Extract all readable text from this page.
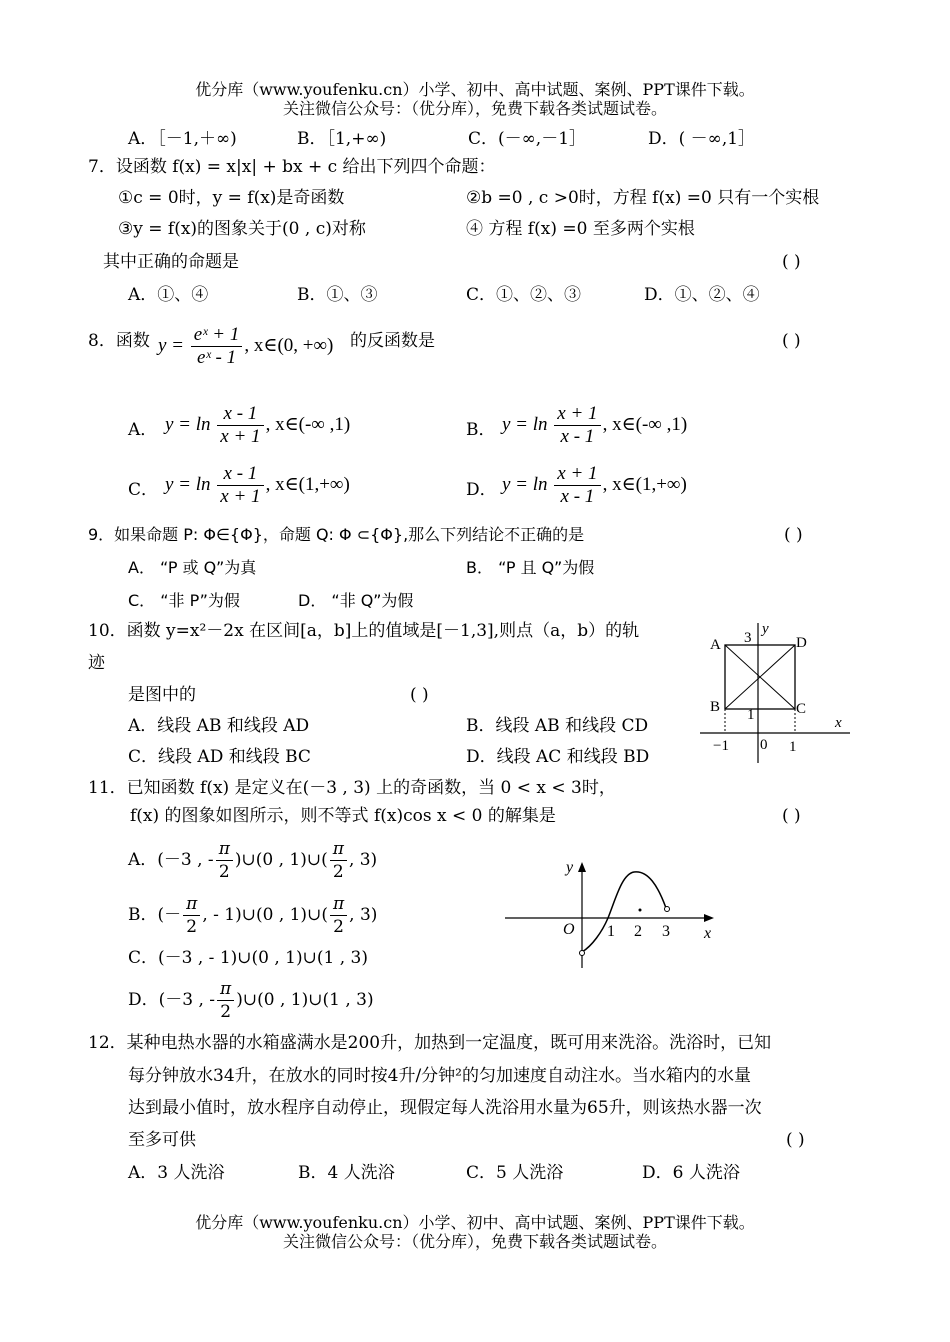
优分库（www.youfenku.cn）小学、初中、高中试题、案例、PPT课件下载。
关注微信公众号：（优分库），免费下载各类试题试卷。
A．［－1,＋∞)	B．［1,+∞)	C．(－∞,－1］	D．( －∞,1］
7．设函数 f(x) = x|x| + bx + c 给出下列四个命题：
①c = 0时，y = f(x)是奇函数	②b =0 , c >0时，方程 f(x) =0 只有一个实根
③y = f(x)的图象关于(0 , c)对称	④ 方程 f(x) =0 至多两个实根
其中正确的命题是	( )
A．①、④	B．①、③	C．①、②、③	D．①、②、④
8．函数 $y = \frac{\text{eˣ + 1}}{\text{eˣ - 1}}$ , x∈(0, +∞) 的反函数是	( )
A． $y = \ln \frac{x - 1}{x + 1}$ , x∈(-∞ ,1)	B． $y = \ln \frac{x + 1}{x - 1}$ , x∈(-∞ ,1)
C． $y = \ln \frac{x - 1}{x + 1}$ , x∈(1,+∞)	D． $y = \ln \frac{x + 1}{x - 1}$ , x∈(1,+∞)
9．如果命题 P: Φ∈{Φ}，命题 Q: Φ ⊂{Φ},那么下列结论不正确的是	( )
A． “P 或 Q”为真	B． “P 且 Q”为假
C． “非 P”为假	D． “非 Q”为假
10．函数 y=x²－2x 在区间[a，b]上的值域是[－1,3],则点（a，b）的轨
迹
是图中的	( )
A．线段 AB 和线段 AD	B．线段 AB 和线段 CD
C．线段 AD 和线段 BC	D．线段 AC 和线段 BD
A
B	C
D
y
x
3
1
−1 0 1
11．已知函数 f(x) 是定义在(－3 , 3) 上的奇函数，当 0 < x < 3时，
f(x) 的图象如图所示，则不等式 f(x)cos x < 0 的解集是	( )
A．(－3 , - $\frac{\pi}{2}$ )∪(0 , 1)∪( $\frac{\pi}{2}$ , 3)
B．(－ $\frac{\pi}{2}$ , - 1)∪(0 , 1)∪( $\frac{\pi}{2}$ , 3)
C．(－3 , - 1)∪(0 , 1)∪(1 , 3)
D．(－3 , - $\frac{\pi}{2}$ )∪(0 , 1)∪(1 , 3)
y
x
O 1 2 3
12．某种电热水器的水箱盛满水是200升，加热到一定温度，既可用来洗浴。洗浴时，已知
每分钟放水34升，在放水的同时按4升/分钟²的匀加速度自动注水。当水箱内的水量
达到最小值时，放水程序自动停止，现假定每人洗浴用水量为65升，则该热水器一次
至多可供	( )
A．3 人洗浴	B．4 人洗浴	C．5 人洗浴	D．6 人洗浴
优分库（www.youfenku.cn）小学、初中、高中试题、案例、PPT课件下载。
关注微信公众号：（优分库），免费下载各类试题试卷。
